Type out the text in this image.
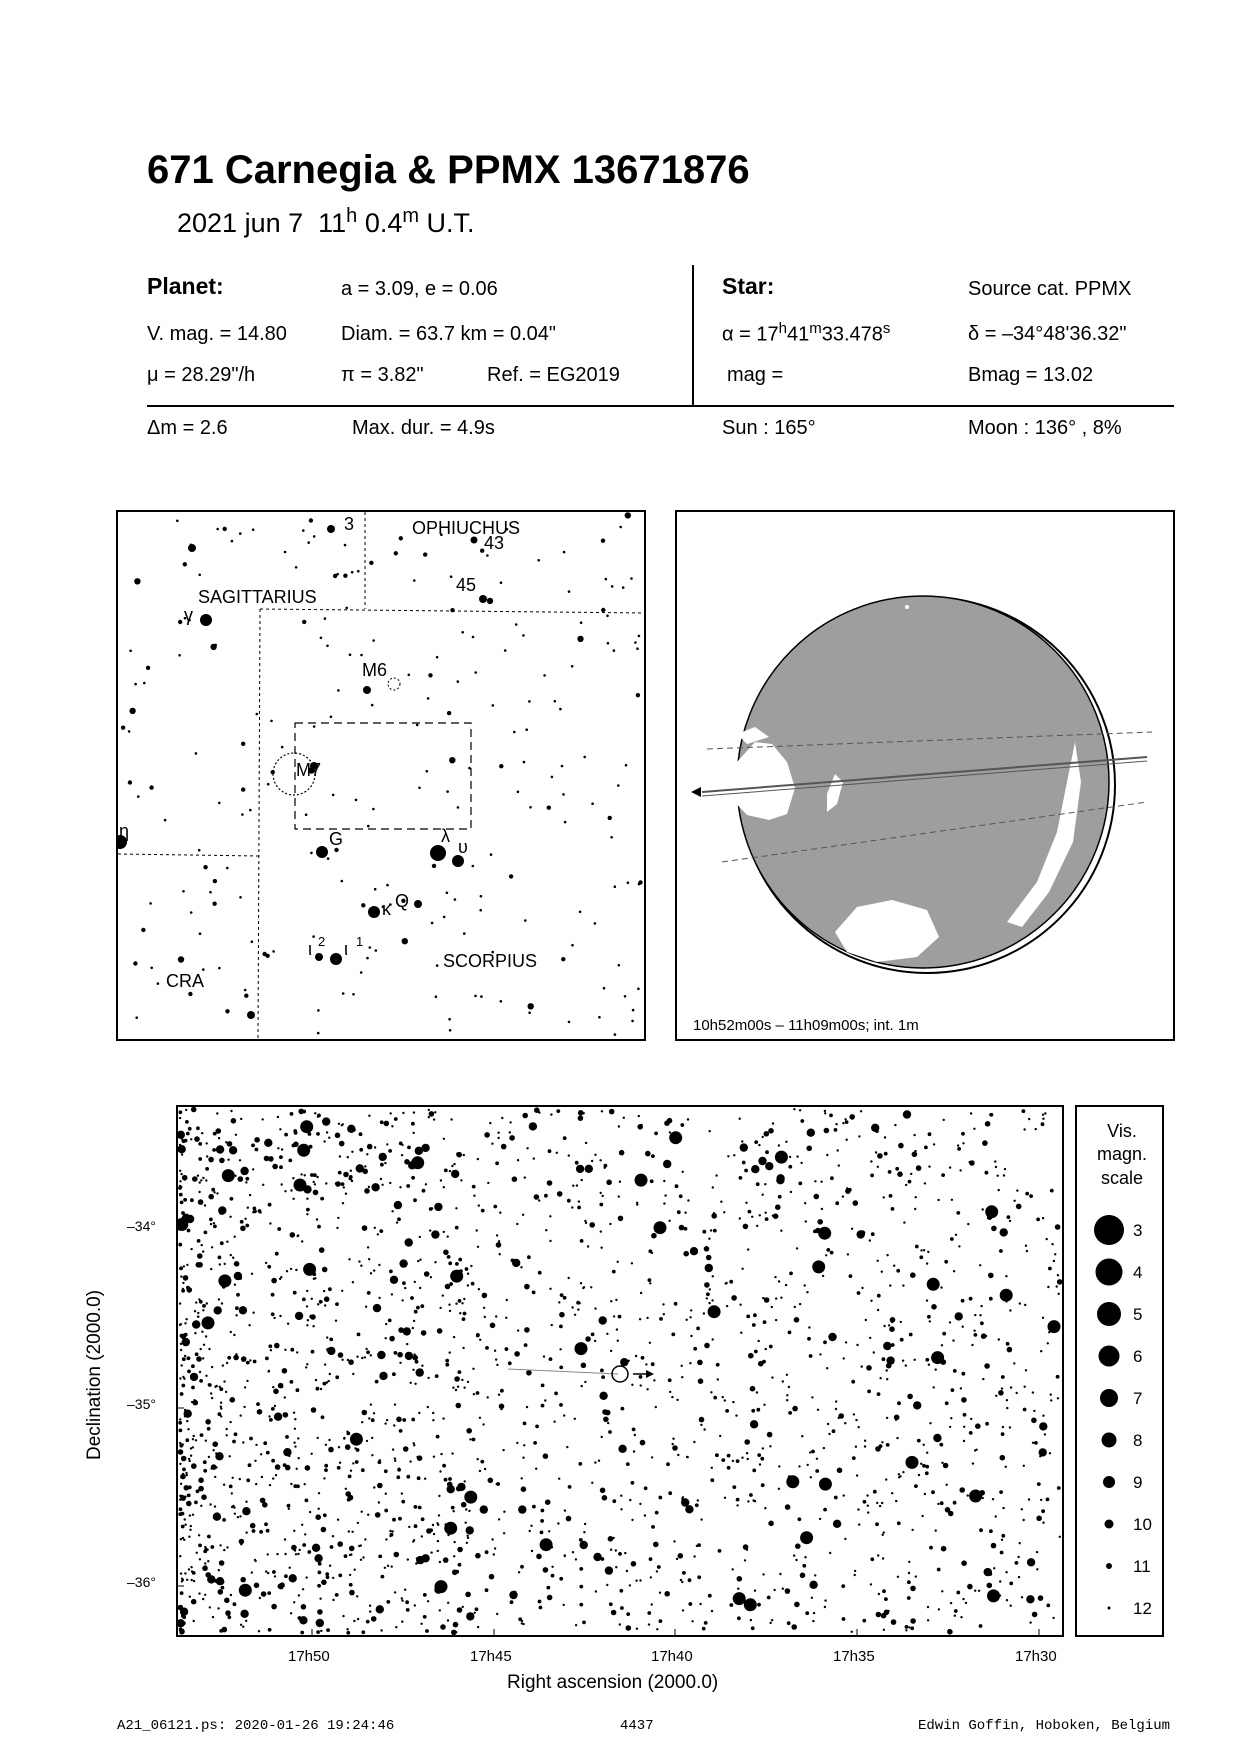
671 Carnegia & PPMX 13671876
2021 jun 7 11$^h$ 0.4$^m$ U.T.
Planet:	a = 3.09, e = 0.06
V. mag. = 14.80	Diam. = 63.7 km = 0.04"
μ = 28.29"/h	π = 3.82"	Ref. = EG2019
Star:	Source cat. PPMX
$\alpha = 17^h41^m33.478^s$	δ = –34°48'36.32"
mag =	Bmag = 13.02
Δm = 2.6	Max. dur. = 4.9s	Sun : 165°	Moon : 136° , 8%
OPHIUCHUS
SAGITTARIUS
SCORPIUS
CRA
3
43
45
γ
M6
M7
η	G	λ
υ
Q
κ
ι 2 ι 1
10h52m00s – 11h09m00s; int. 1m
Declination (2000.0)
–34°
–35°
–36°
17h50	17h45	17h40	17h35	17h30
Right ascension (2000.0)
Vis.
magn.
scale
3
4
5
6
7
8
9
10
11
12
A21_06121.ps: 2020-01-26 19:24:46	4437	Edwin Goffin, Hoboken, Belgium
